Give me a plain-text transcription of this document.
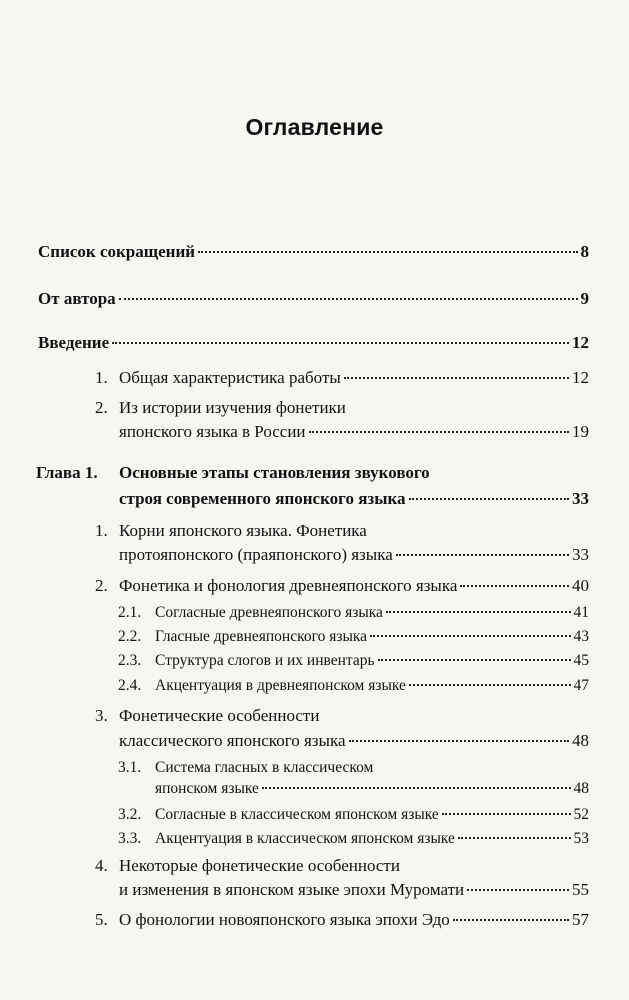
Оглавление
Список сокращений	8
От автора	9
Введение	12
1. Общая характеристика работы	12
2. Из истории изучения фонетики
японского языка в России	19
Глава 1. Основные этапы становления звукового
строя современного японского языка	33
1. Корни японского языка. Фонетика
протояпонского (праяпонского) языка	33
2. Фонетика и фонология древнеяпонского языка	40
2.1. Согласные древнеяпонского языка	41
2.2. Гласные древнеяпонского языка	43
2.3. Структура слогов и их инвентарь	45
2.4. Акцентуация в древнеяпонском языке	47
3. Фонетические особенности
классического японского языка	48
3.1. Система гласных в классическом
японском языке	48
3.2. Согласные в классическом японском языке	52
3.3. Акцентуация в классическом японском языке	53
4. Некоторые фонетические особенности
и изменения в японском языке эпохи Муромати	55
5. О фонологии новояпонского языка эпохи Эдо	57
